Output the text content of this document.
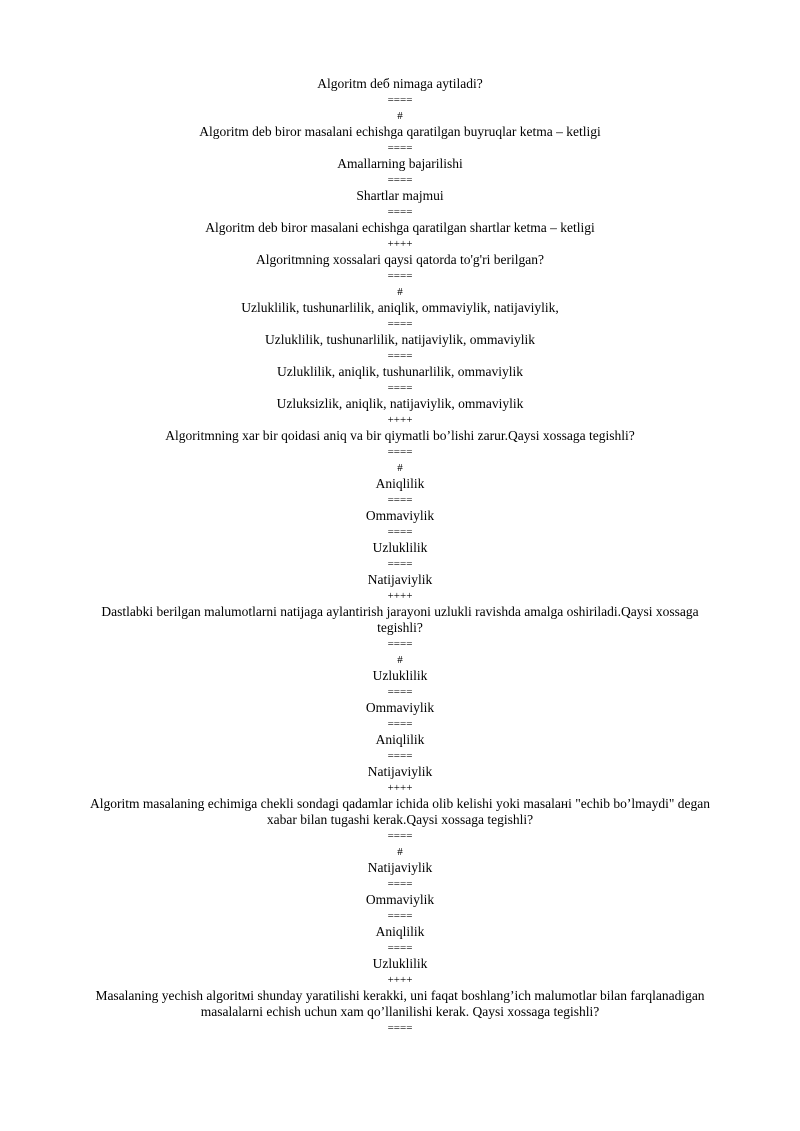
Algoritm deб nimaga aytiladi?
====
#
Algoritm deb biror masalani echishga qaratilgan buyruqlar ketma – ketligi
====
Amallarning bajarilishi
====
Shartlar majmui
====
Algoritm deb biror masalani echishga qaratilgan shartlar ketma – ketligi
++++
Algoritmning xossalari qaysi qatorda to'g'ri berilgan?
====
#
Uzluklilik, tushunarlilik, aniqlik, ommaviylik, natijaviylik,
====
Uzluklilik, tushunarlilik, natijaviylik, ommaviylik
====
Uzluklilik, aniqlik, tushunarlilik, ommaviylik
====
Uzluksizlik, aniqlik, natijaviylik, ommaviylik
++++
Algoritmning xar bir qoidasi aniq va bir qiymatli bo’lishi zarur.Qaysi xossaga tegishli?
====
#
Aniqlilik
====
Ommaviylik
====
Uzluklilik
====
Natijaviylik
++++
Dastlabki berilgan malumotlarni natijaga aylantirish jarayoni uzlukli ravishda amalga oshiriladi.Qaysi xossaga tegishli?
====
#
Uzluklilik
====
Ommaviylik
====
Aniqlilik
====
Natijaviylik
++++
Algoritm masalaning echimiga chekli sondagi qadamlar ichida olib kelishi yoki masalaнi "echib bo’lmaydi" degan xabar bilan tugashi kerak.Qaysi xossaga tegishli?
====
#
Natijaviylik
====
Ommaviylik
====
Aniqlilik
====
Uzluklilik
++++
Masalaning yechish algoritмi shunday yaratilishi kerakki, uni faqat boshlang’ich malumotlar bilan farqlanadigan masalalarni echish uchun xam qo’llanilishi kerak. Qaysi xossaga tegishli?
====
